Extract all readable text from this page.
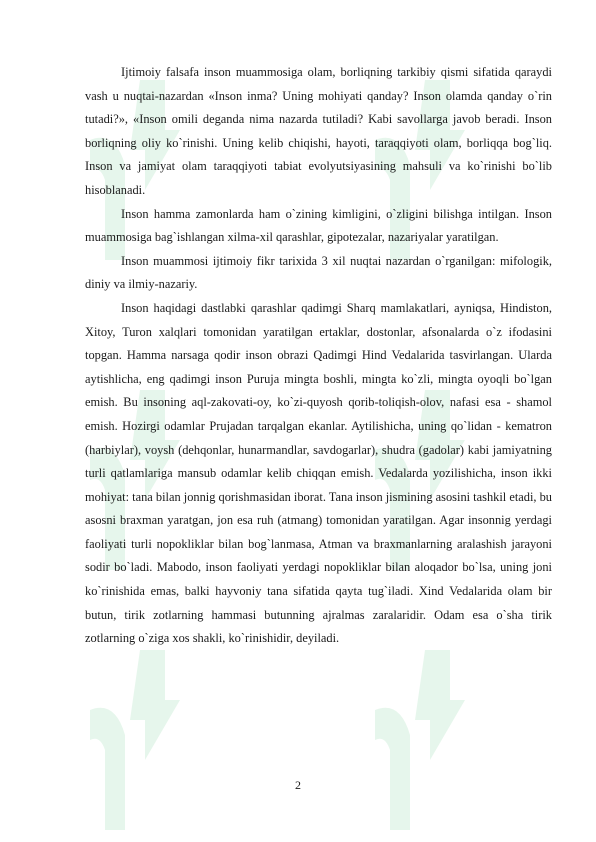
Ijtimoiy falsafa inson muammosiga olam, borliqning tarkibiy qismi sifatida qaraydi vash u nuqtai-nazardan «Inson inma? Uning mohiyati qanday? Inson olamda qanday o`rin tutadi?», «Inson omili deganda nima nazarda tutiladi? Kabi savollarga javob beradi. Inson borliqning oliy ko`rinishi. Uning kelib chiqishi, hayoti, taraqqiyoti olam, borliqqa bog`liq. Inson va jamiyat olam taraqqiyoti tabiat evolyutsiyasining mahsuli va ko`rinishi bo`lib hisoblanadi.

Inson hamma zamonlarda ham o`zining kimligini, o`zligini bilishga intilgan. Inson muammosiga bag`ishlangan xilma-xil qarashlar, gipotezalar, nazariyalar yaratilgan.

Inson muammosi ijtimoiy fikr tarixida 3 xil nuqtai nazardan o`rganilgan: mifologik, diniy va ilmiy-nazariy.

Inson haqidagi dastlabki qarashlar qadimgi Sharq mamlakatlari, ayniqsa, Hindiston, Xitoy, Turon xalqlari tomonidan yaratilgan ertaklar, dostonlar, afsonalarda o`z ifodasini topgan. Hamma narsaga qodir inson obrazi Qadimgi Hind Vedalarida tasvirlangan. Ularda aytishlicha, eng qadimgi inson Puruja mingta boshli, mingta ko`zli, mingta oyoqli bo`lgan emish. Bu insoning aql-zakovati-oy, ko`zi-quyosh qorib-toliqish-olov, nafasi esa - shamol emish. Hozirgi odamlar Prujadan tarqalgan ekanlar. Aytilishicha, uning qo`lidan - kematron (harbiylar), voysh (dehqonlar, hunarmandlar, savdogarlar), shudra (gadolar) kabi jamiyatning turli qatlamlariga mansub odamlar kelib chiqqan emish. Vedalarda yozilishicha, inson ikki mohiyat: tana bilan jonnig qorishmasidan iborat. Tana inson jismining asosini tashkil etadi, bu asosni braxman yaratgan, jon esa ruh (atmang) tomonidan yaratilgan. Agar insonnig yerdagi faoliyati turli nopokliklar bilan bog`lanmasa, Atman va braxmanlarning aralashish jarayoni sodir bo`ladi. Mabodo, inson faoliyati yerdagi nopokliklar bilan aloqador bo`lsa, uning joni ko`rinishida emas, balki hayvoniy tana sifatida qayta tug`iladi. Xind Vedalarida olam bir butun, tirik zotlarning hammasi butunning ajralmas zaralaridir. Odam esa o`sha tirik zotlarning o`ziga xos shakli, ko`rinishidir, deyiladi.

2
